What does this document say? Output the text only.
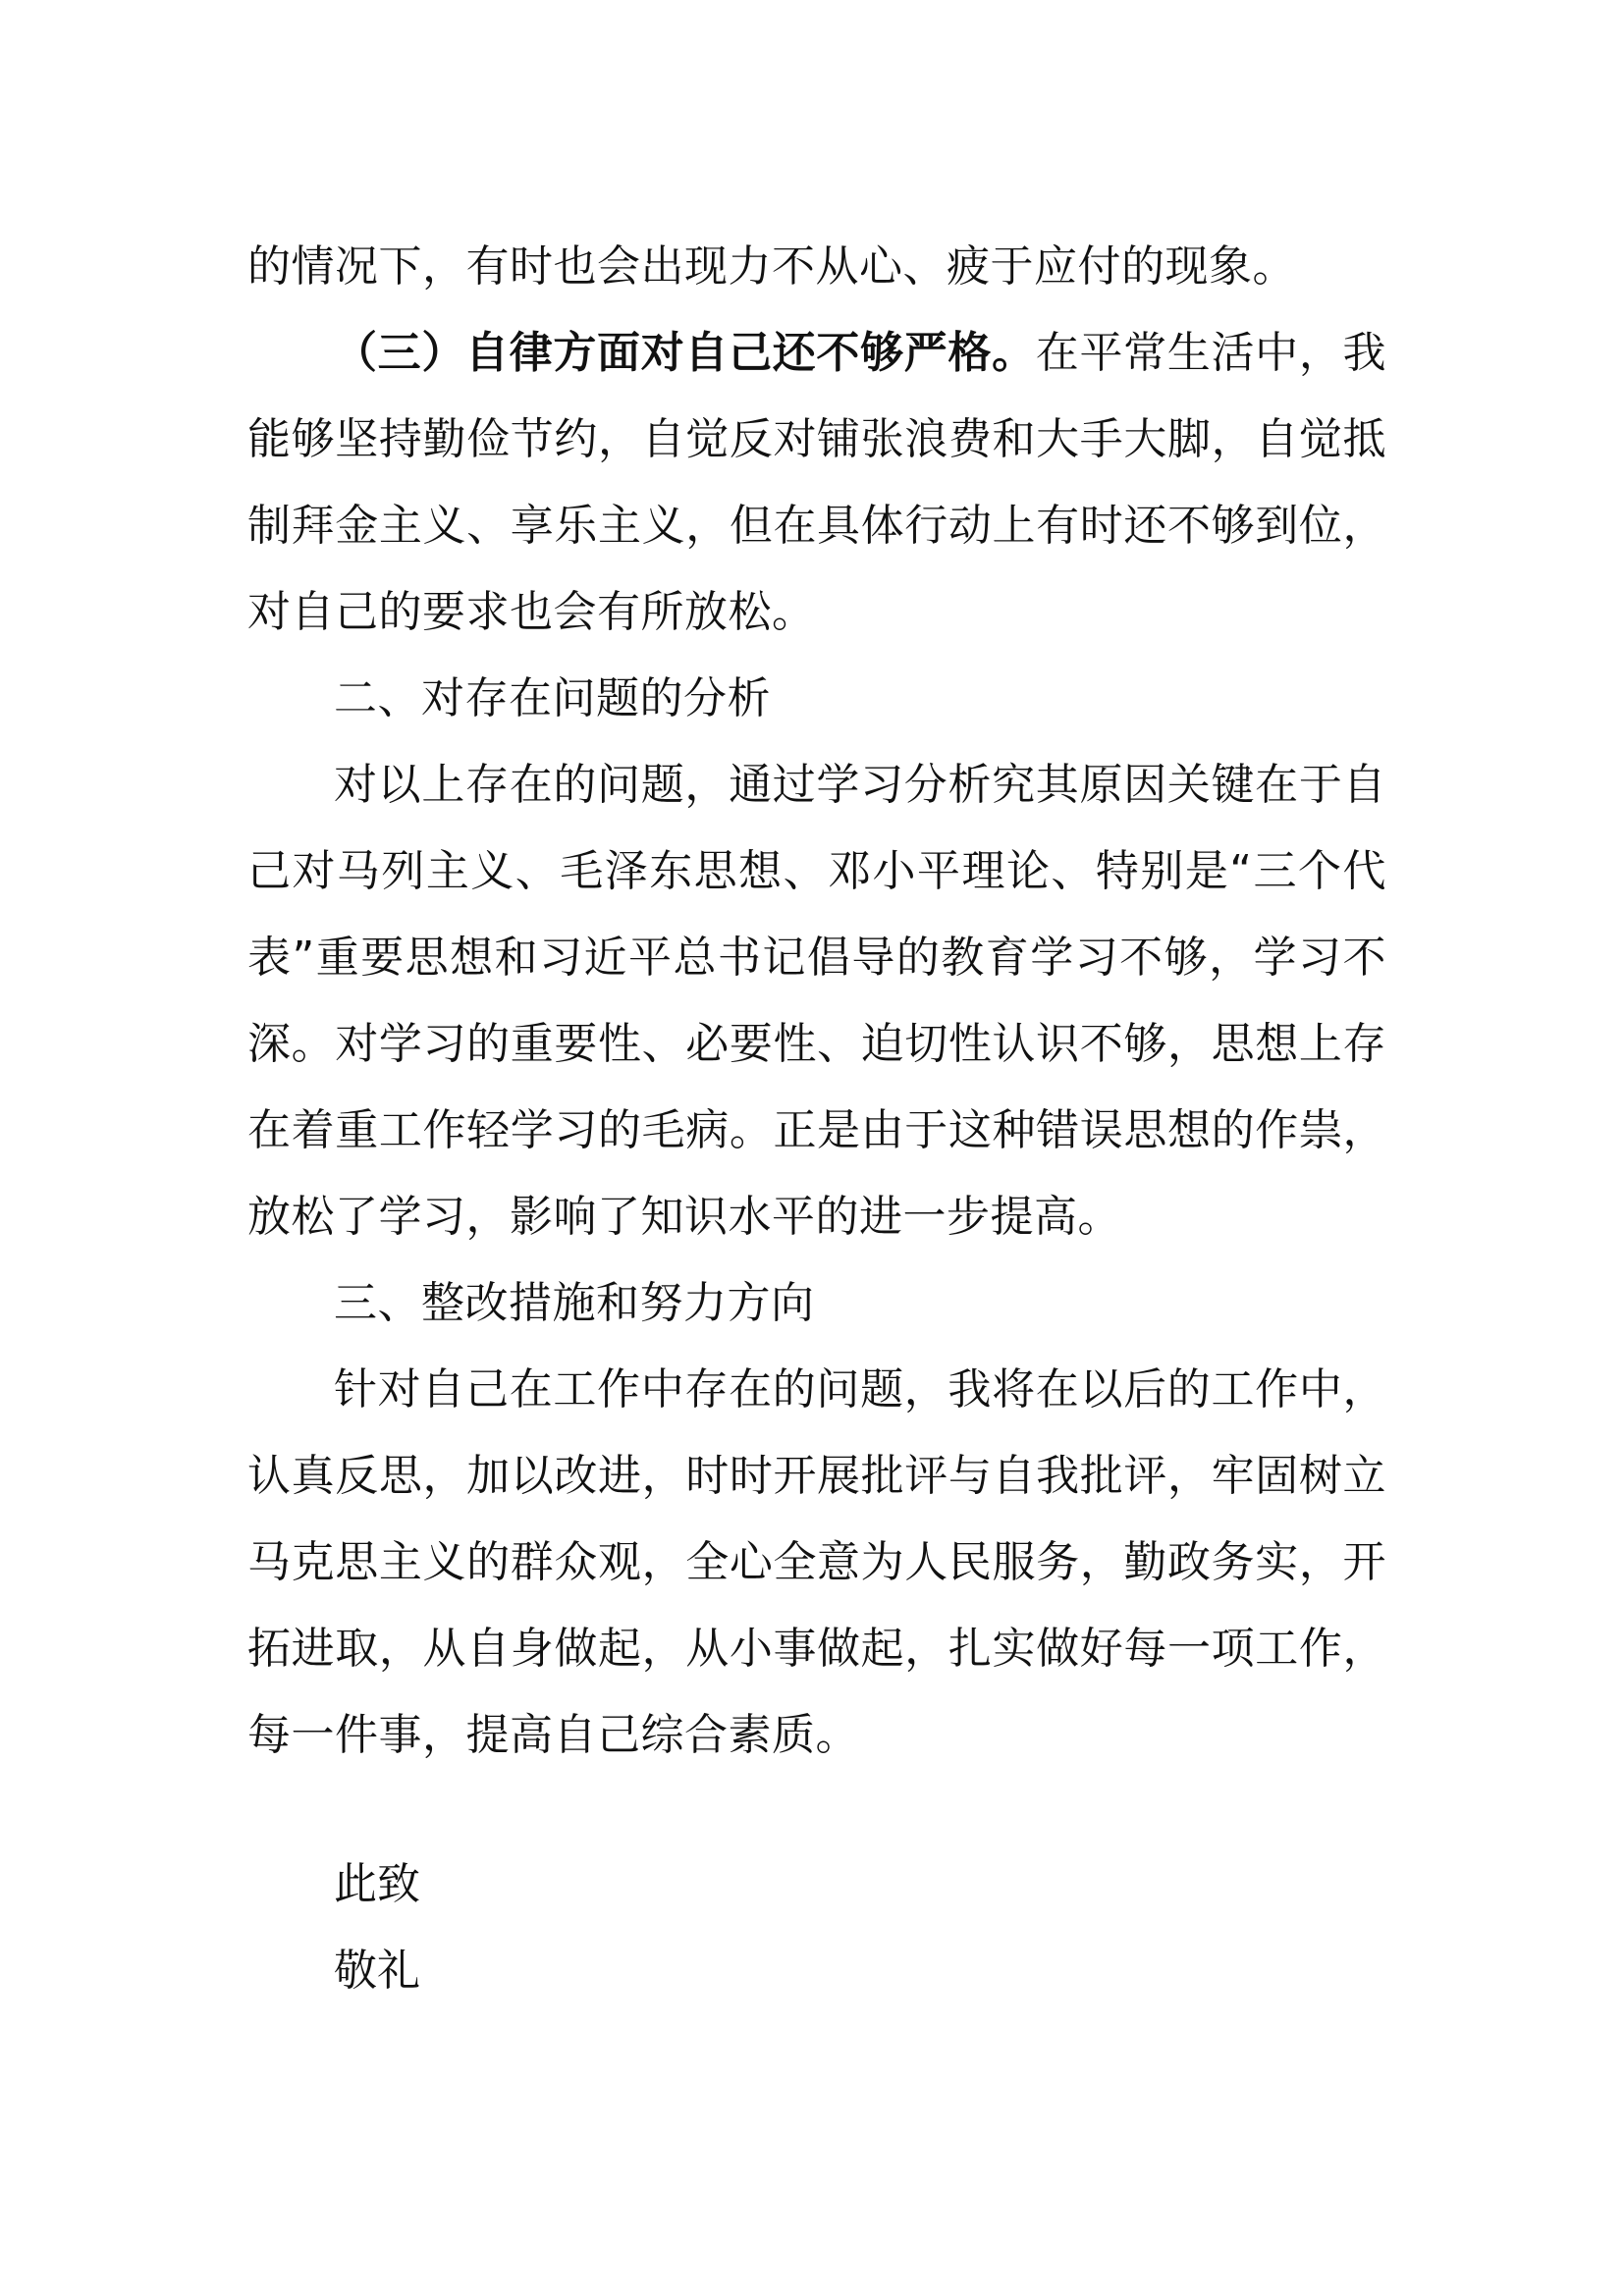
的情况下，有时也会出现力不从心、疲于应付的现象。

（三）自律方面对自己还不够严格。在平常生活中，我能够坚持勤俭节约，自觉反对铺张浪费和大手大脚，自觉抵制拜金主义、享乐主义，但在具体行动上有时还不够到位，对自己的要求也会有所放松。

二、对存在问题的分析

对以上存在的问题，通过学习分析究其原因关键在于自己对马列主义、毛泽东思想、邓小平理论、特别是“三个代表”重要思想和习近平总书记倡导的教育学习不够，学习不深。对学习的重要性、必要性、迫切性认识不够，思想上存在着重工作轻学习的毛病。正是由于这种错误思想的作祟，放松了学习，影响了知识水平的进一步提高。

三、整改措施和努力方向

针对自己在工作中存在的问题，我将在以后的工作中，认真反思，加以改进，时时开展批评与自我批评，牢固树立马克思主义的群众观，全心全意为人民服务，勤政务实，开拓进取，从自身做起，从小事做起，扎实做好每一项工作，每一件事，提高自己综合素质。

此致

敬礼
